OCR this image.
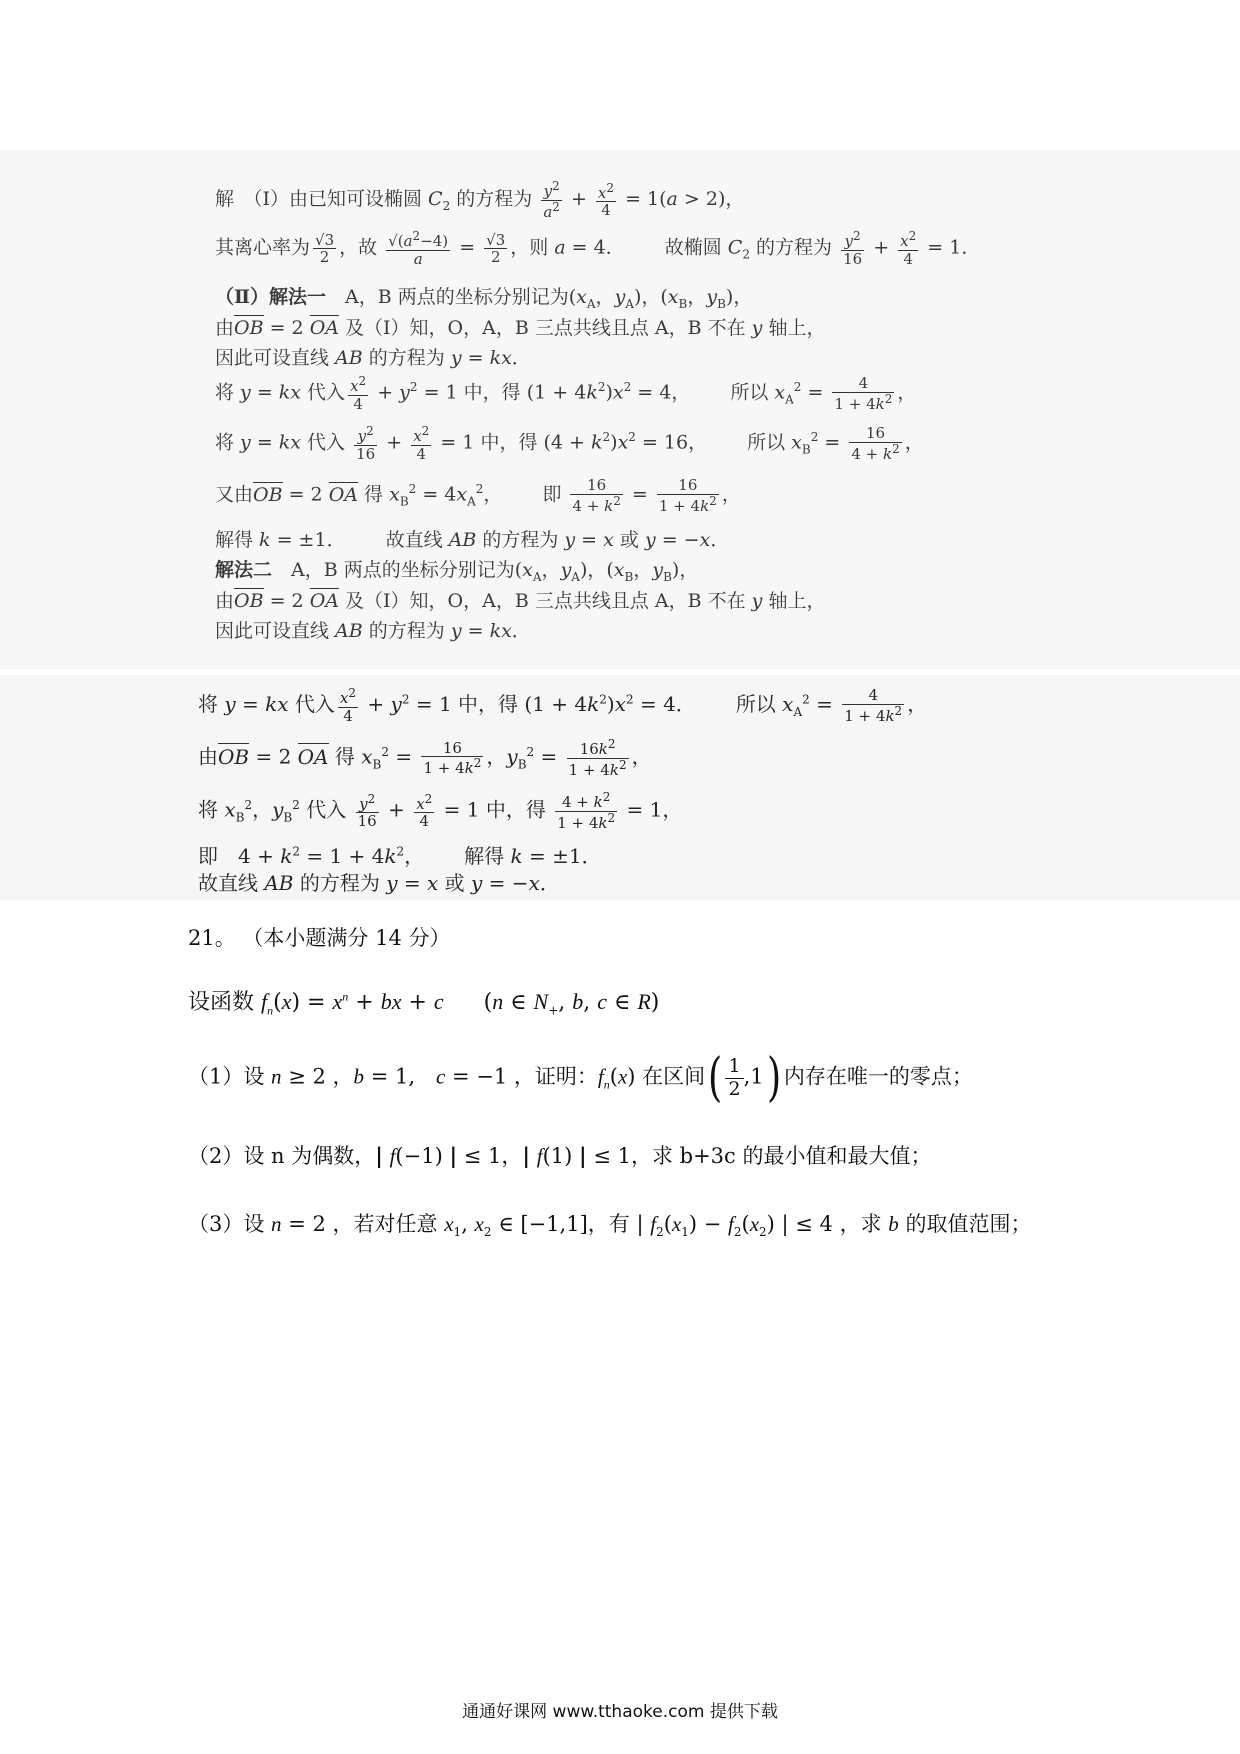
解　（Ⅰ）由已知可设椭圆 $C_2$ 的方程为 $\frac{y^2}{a^2} + \frac{x^2}{4} = 1(a > 2)$，
其离心率为 $\frac{√3}{2}$ ，故 $\frac{√(a^2-4)}{a} = \frac{√3}{2}$ ，则 a = 4． 故椭圆 $C_2$ 的方程为 $\frac{y^2}{16} + \frac{x^2}{4} = 1$．
（Ⅱ）解法一　A，B 两点的坐标分别记为($x_A$，$y_A$)，($x_B$，$y_B$)，
由OB = 2 OA 及（Ⅰ）知，O，A，B 三点共线且点 A，B 不在 y 轴上，
因此可设直线 AB 的方程为 y = kx．
将 y = kx 代入 $\frac{x^2}{4} + y^2 = 1$ 中，得 $(1 + 4k^2)x^2 = 4$， 所以 $x_A^2 = \frac{4}{1 + 4k^2}$ ，
将 y = kx 代入 $\frac{y^2}{16} + \frac{x^2}{4} = 1$ 中，得 $(4 + k^2)x^2 = 16$， 所以 $x_B^2 = \frac{16}{4 + k^2}$ ，
又由OB = 2 OA 得 $x_B^2 = 4x_A^2$， 即 $\frac{16}{4 + k^2} = \frac{16}{1 + 4k^2}$ ，
解得 k = ±1． 故直线 AB 的方程为 y = x 或 y = −x．
解法二　A，B 两点的坐标分别记为($x_A$，$y_A$)，($x_B$，$y_B$)，
由OB = 2 OA 及（Ⅰ）知，O，A，B 三点共线且点 A，B 不在 y 轴上，
因此可设直线 AB 的方程为 y = kx．
将 y = kx 代入 $\frac{x^2}{4} + y^2 = 1$ 中，得 $(1 + 4k^2)x^2 = 4$． 所以 $x_A^2 = \frac{4}{1 + 4k^2}$ ，
由OB = 2 OA 得 $x_B^2 = \frac{16}{1 + 4k^2}$ ，$y_B^2 = \frac{16k^2}{1 + 4k^2}$ ，
将 $x_B^2$，$y_B^2$ 代入 $\frac{y^2}{16} + \frac{x^2}{4} = 1$ 中，得 $\frac{4 + k^2}{1 + 4k^2} = 1$，
即　$4 + k^2 = 1 + 4k^2$， 解得 k = ±1．
故直线 AB 的方程为 y = x 或 y = −x．
21。 （本小题满分 14 分）
设函数 $f_n(x) = x^n$ + bx + c (n ∈ $N_+$, b, c ∈ R)
（1）设 n ≥ 2 ，b = 1,　c = −1 ，证明：$f_n(x)$ 在区间( $\frac{1}{2},1$) 内存在唯一的零点；
（2）设 n 为偶数，| f(−1) | ≤ 1，| f(1) | ≤ 1，求 b+3c 的最小值和最大值；
（3）设 n = 2 ，若对任意 $x_1$, $x_2$ ∈ [−1,1]，有 | $f_2(x_1) - f_2(x_2)$ | ≤ 4 ，求 b 的取值范围；
通通好课网 www.tthaoke.com 提供下载
